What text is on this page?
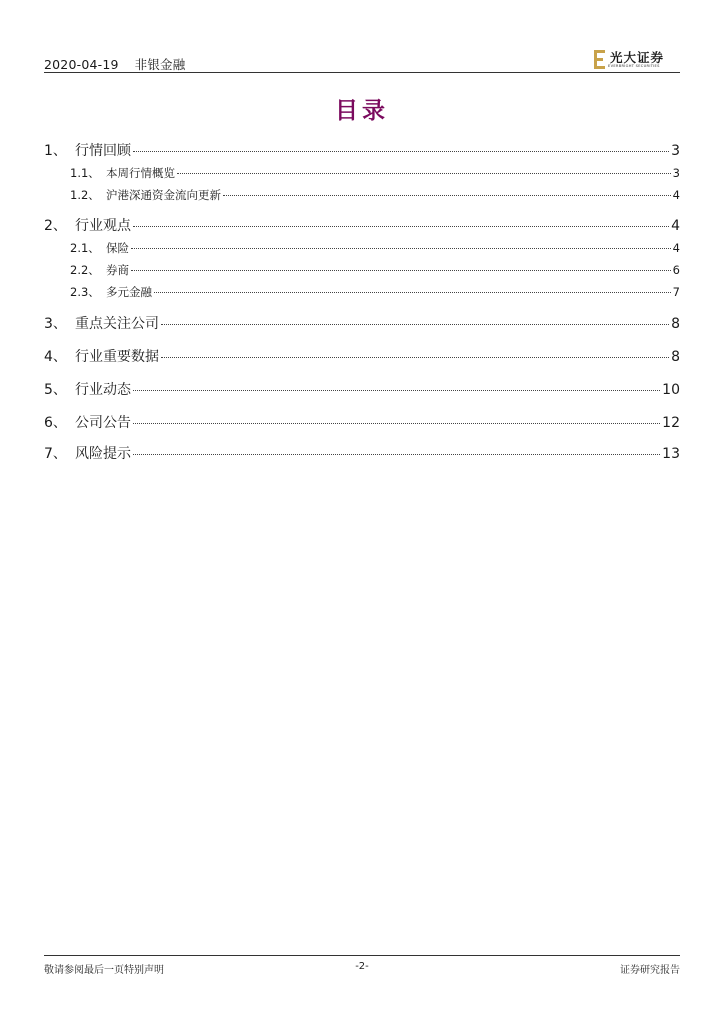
2020-04-19 非银金融	光大证券
EVERBRIGHT SECURITIES
目录
1、 行情回顾	3
1.1、 本周行情概览	3
1.2、 沪港深通资金流向更新	4
2、 行业观点	4
2.1、 保险	4
2.2、 券商	6
2.3、 多元金融	7
3、 重点关注公司	8
4、 行业重要数据	8
5、 行业动态	10
6、 公司公告	12
7、 风险提示	13
敬请参阅最后一页特别声明	-2-	证券研究报告
